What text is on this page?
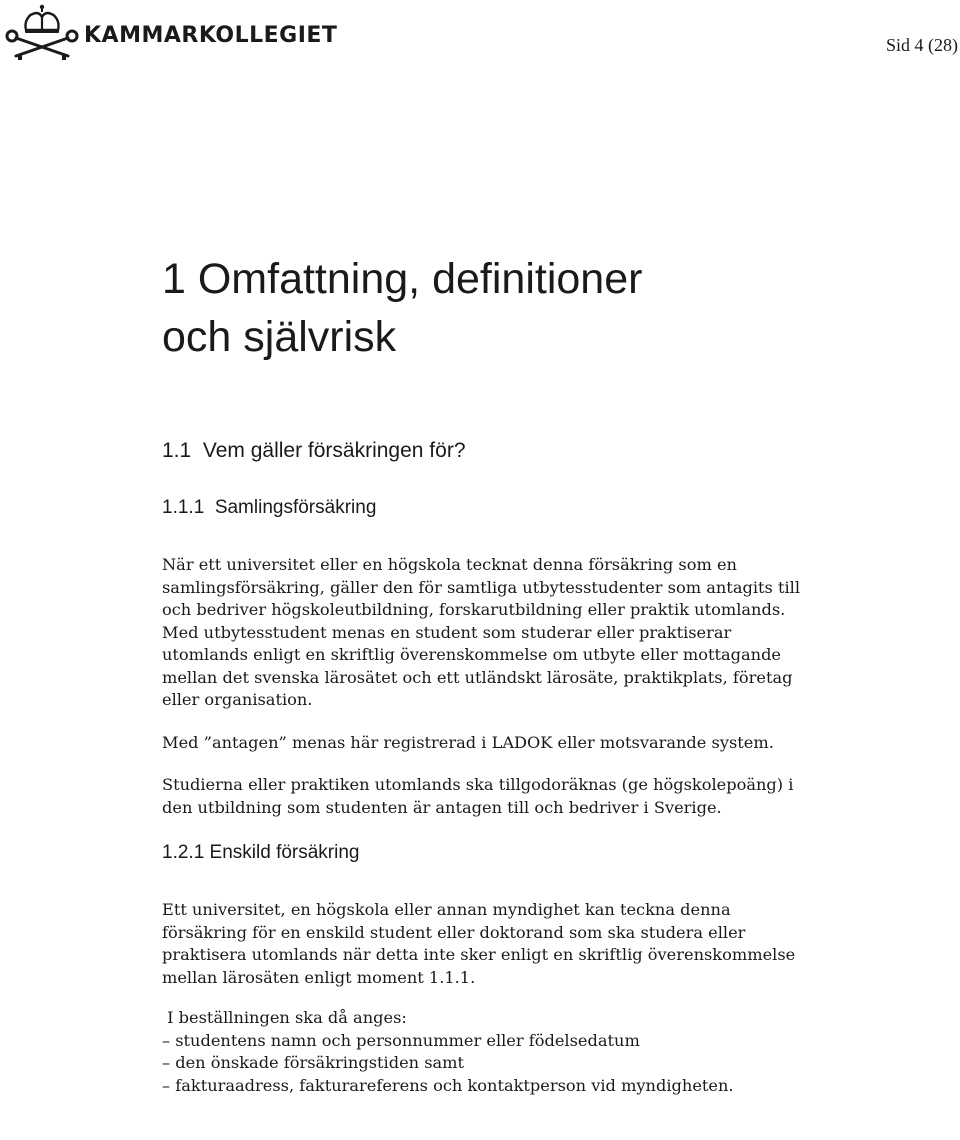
KAMMARKOLLEGIET	Sid 4 (28)
1 Omfattning, definitioner
och självrisk
1.1  Vem gäller försäkringen för?
1.1.1  Samlingsförsäkring

När ett universitet eller en högskola tecknat denna försäkring som en samlingsförsäkring, gäller den för samtliga utbytesstudenter som antagits till och bedriver högskoleutbildning, forskarutbildning eller praktik utomlands. Med utbytesstudent menas en student som studerar eller praktiserar utomlands enligt en skriftlig överenskommelse om utbyte eller mottagande mellan det svenska lärosätet och ett utländskt lärosäte, praktikplats, företag eller organisation.

Med ”antagen” menas här registrerad i LADOK eller motsvarande system.

Studierna eller praktiken utomlands ska tillgodoräknas (ge högskolepoäng) i den utbildning som studenten är antagen till och bedriver i Sverige.

1.2.1 Enskild försäkring

Ett universitet, en högskola eller annan myndighet kan teckna denna försäkring för en enskild student eller doktorand som ska studera eller praktisera utomlands när detta inte sker enligt en skriftlig överenskommelse mellan lärosäten enligt moment 1.1.1.

I beställningen ska då anges:

– studentens namn och personnummer eller födelsedatum

– den önskade försäkringstiden samt

– fakturaadress, fakturareferens och kontaktperson vid myndigheten.
